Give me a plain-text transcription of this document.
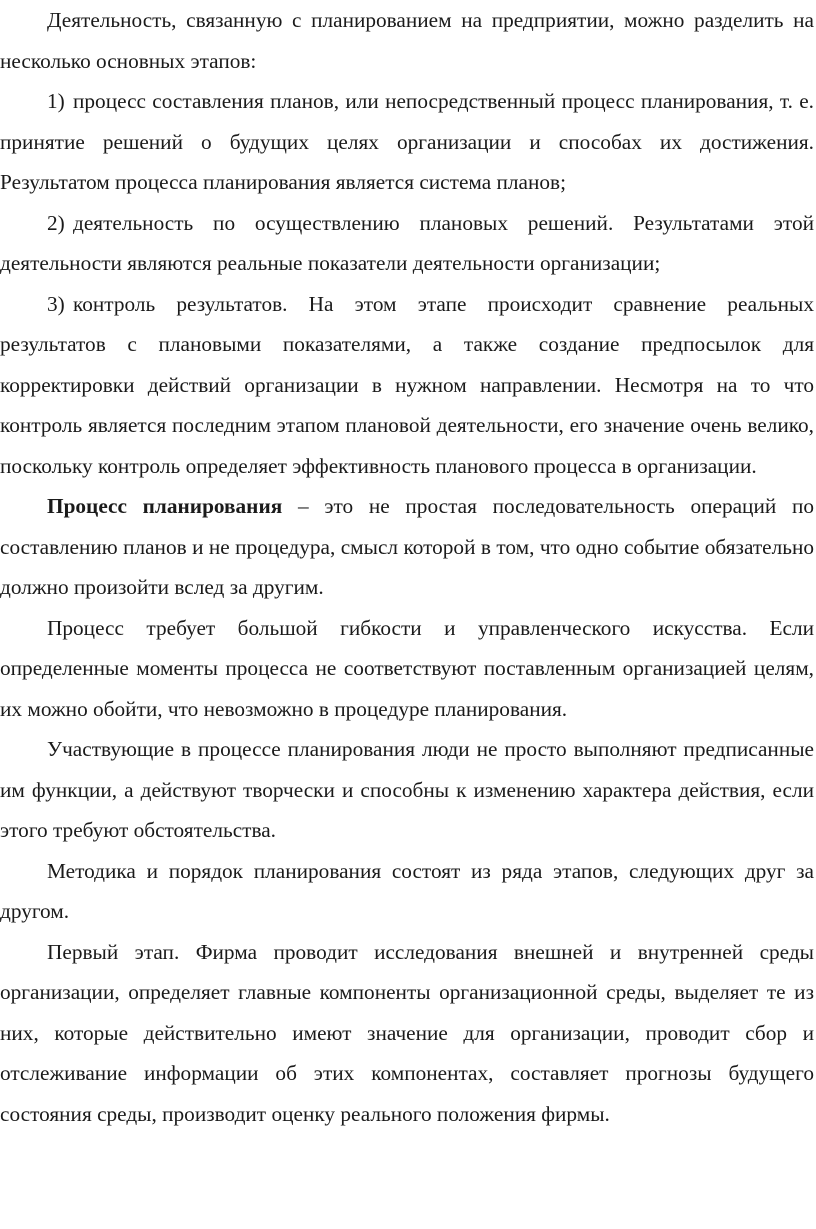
Деятельность, связанную с планированием на предприятии, можно разделить на несколько основных этапов:

1) процесс составления планов, или непосредственный процесс планирования, т. е. принятие решений о будущих целях организации и способах их достижения. Результатом процесса планирования является система планов;

2) деятельность по осуществлению плановых решений. Результатами этой деятельности являются реальные показатели деятельности организации;

3) контроль результатов. На этом этапе происходит сравнение реальных результатов с плановыми показателями, а также создание предпосылок для корректировки действий организации в нужном направлении. Несмотря на то что контроль является последним этапом плановой деятельности, его значение очень велико, поскольку контроль определяет эффективность планового процесса в организации.

Процесс планирования – это не простая последовательность операций по составлению планов и не процедура, смысл которой в том, что одно событие обязательно должно произойти вслед за другим.

Процесс требует большой гибкости и управленческого искусства. Если определенные моменты процесса не соответствуют поставленным организацией целям, их можно обойти, что невозможно в процедуре планирования.

Участвующие в процессе планирования люди не просто выполняют предписанные им функции, а действуют творчески и способны к изменению характера действия, если этого требуют обстоятельства.

Методика и порядок планирования состоят из ряда этапов, следующих друг за другом.

Первый этап. Фирма проводит исследования внешней и внутренней среды организации, определяет главные компоненты организационной среды, выделяет те из них, которые действительно имеют значение для организации, проводит сбор и отслеживание информации об этих компонентах, составляет прогнозы будущего состояния среды, производит оценку реального положения фирмы.
